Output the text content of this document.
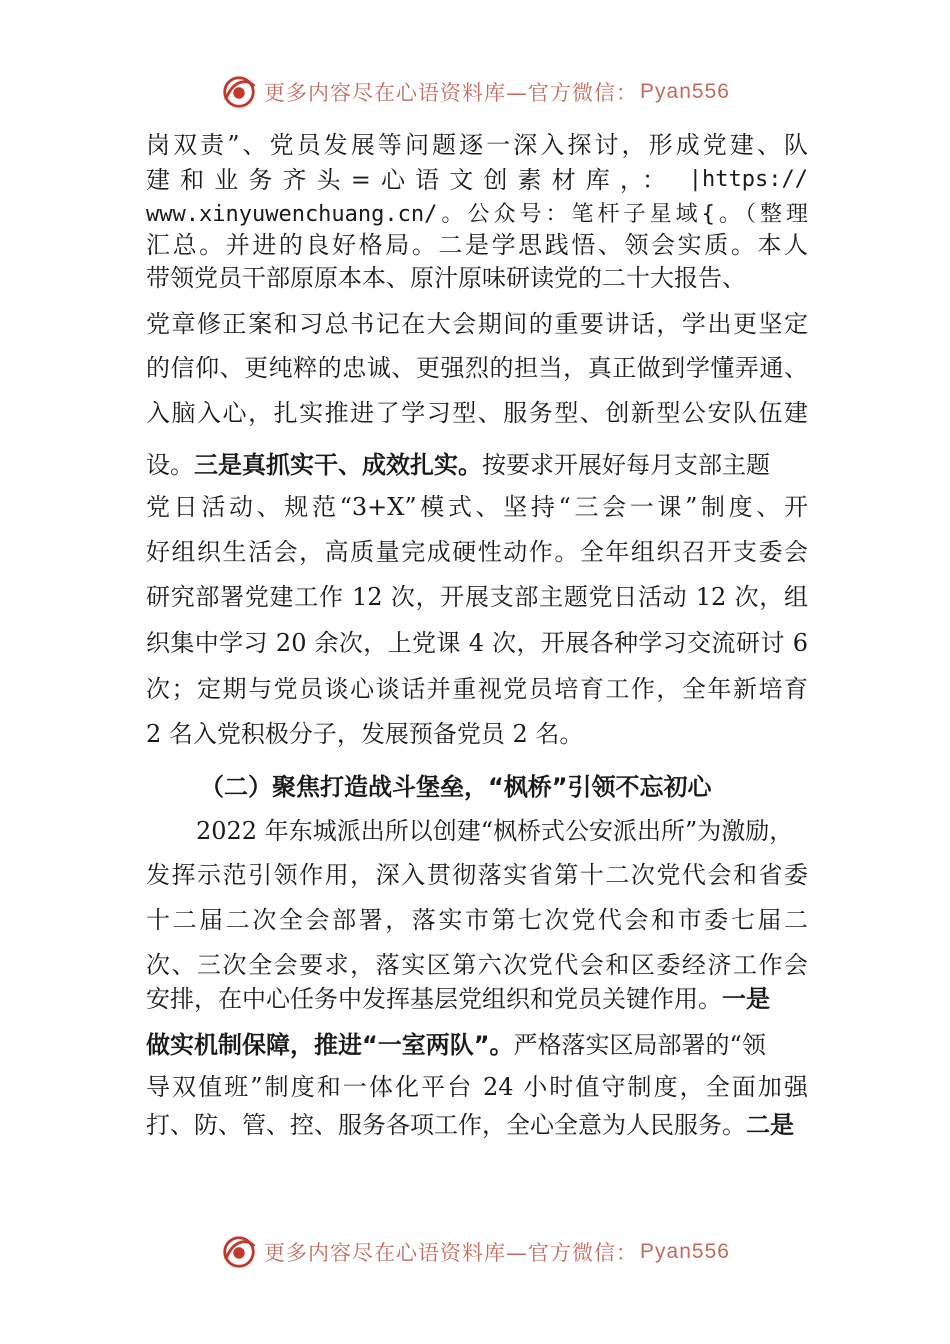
更多内容尽在心语资料库—官方微信： Pyan556
岗双责”、党员发展等问题逐一深入探讨，形成党建、队
建和业务齐头=心语文创素材库，： |https://
www.xinyuwenchuang.cn/。公众号：笔杆子星域{。（整理
汇总。并进的良好格局。二是学思践悟、领会实质。本人
带领党员干部原原本本、原汁原味研读党的二十大报告、
党章修正案和习总书记在大会期间的重要讲话，学出更坚定
的信仰、更纯粹的忠诚、更强烈的担当，真正做到学懂弄通、
入脑入心，扎实推进了学习型、服务型、创新型公安队伍建
设。三是真抓实干、成效扎实。按要求开展好每月支部主题
党日活动、规范“3+X”模式、坚持“三会一课”制度、开
好组织生活会，高质量完成硬性动作。全年组织召开支委会
研究部署党建工作 12 次，开展支部主题党日活动 12 次，组
织集中学习 20 余次，上党课 4 次，开展各种学习交流研讨 6
次；定期与党员谈心谈话并重视党员培育工作，全年新培育
2 名入党积极分子，发展预备党员 2 名。
（二）聚焦打造战斗堡垒，“枫桥”引领不忘初心
2022 年东城派出所以创建“枫桥式公安派出所”为激励，
发挥示范引领作用，深入贯彻落实省第十二次党代会和省委
十二届二次全会部署，落实市第七次党代会和市委七届二
次、三次全会要求，落实区第六次党代会和区委经济工作会
安排，在中心任务中发挥基层党组织和党员关键作用。一是
做实机制保障，推进“一室两队”。严格落实区局部署的“领
导双值班”制度和一体化平台 24 小时值守制度，全面加强
打、防、管、控、服务各项工作，全心全意为人民服务。二是
更多内容尽在心语资料库—官方微信： Pyan556
